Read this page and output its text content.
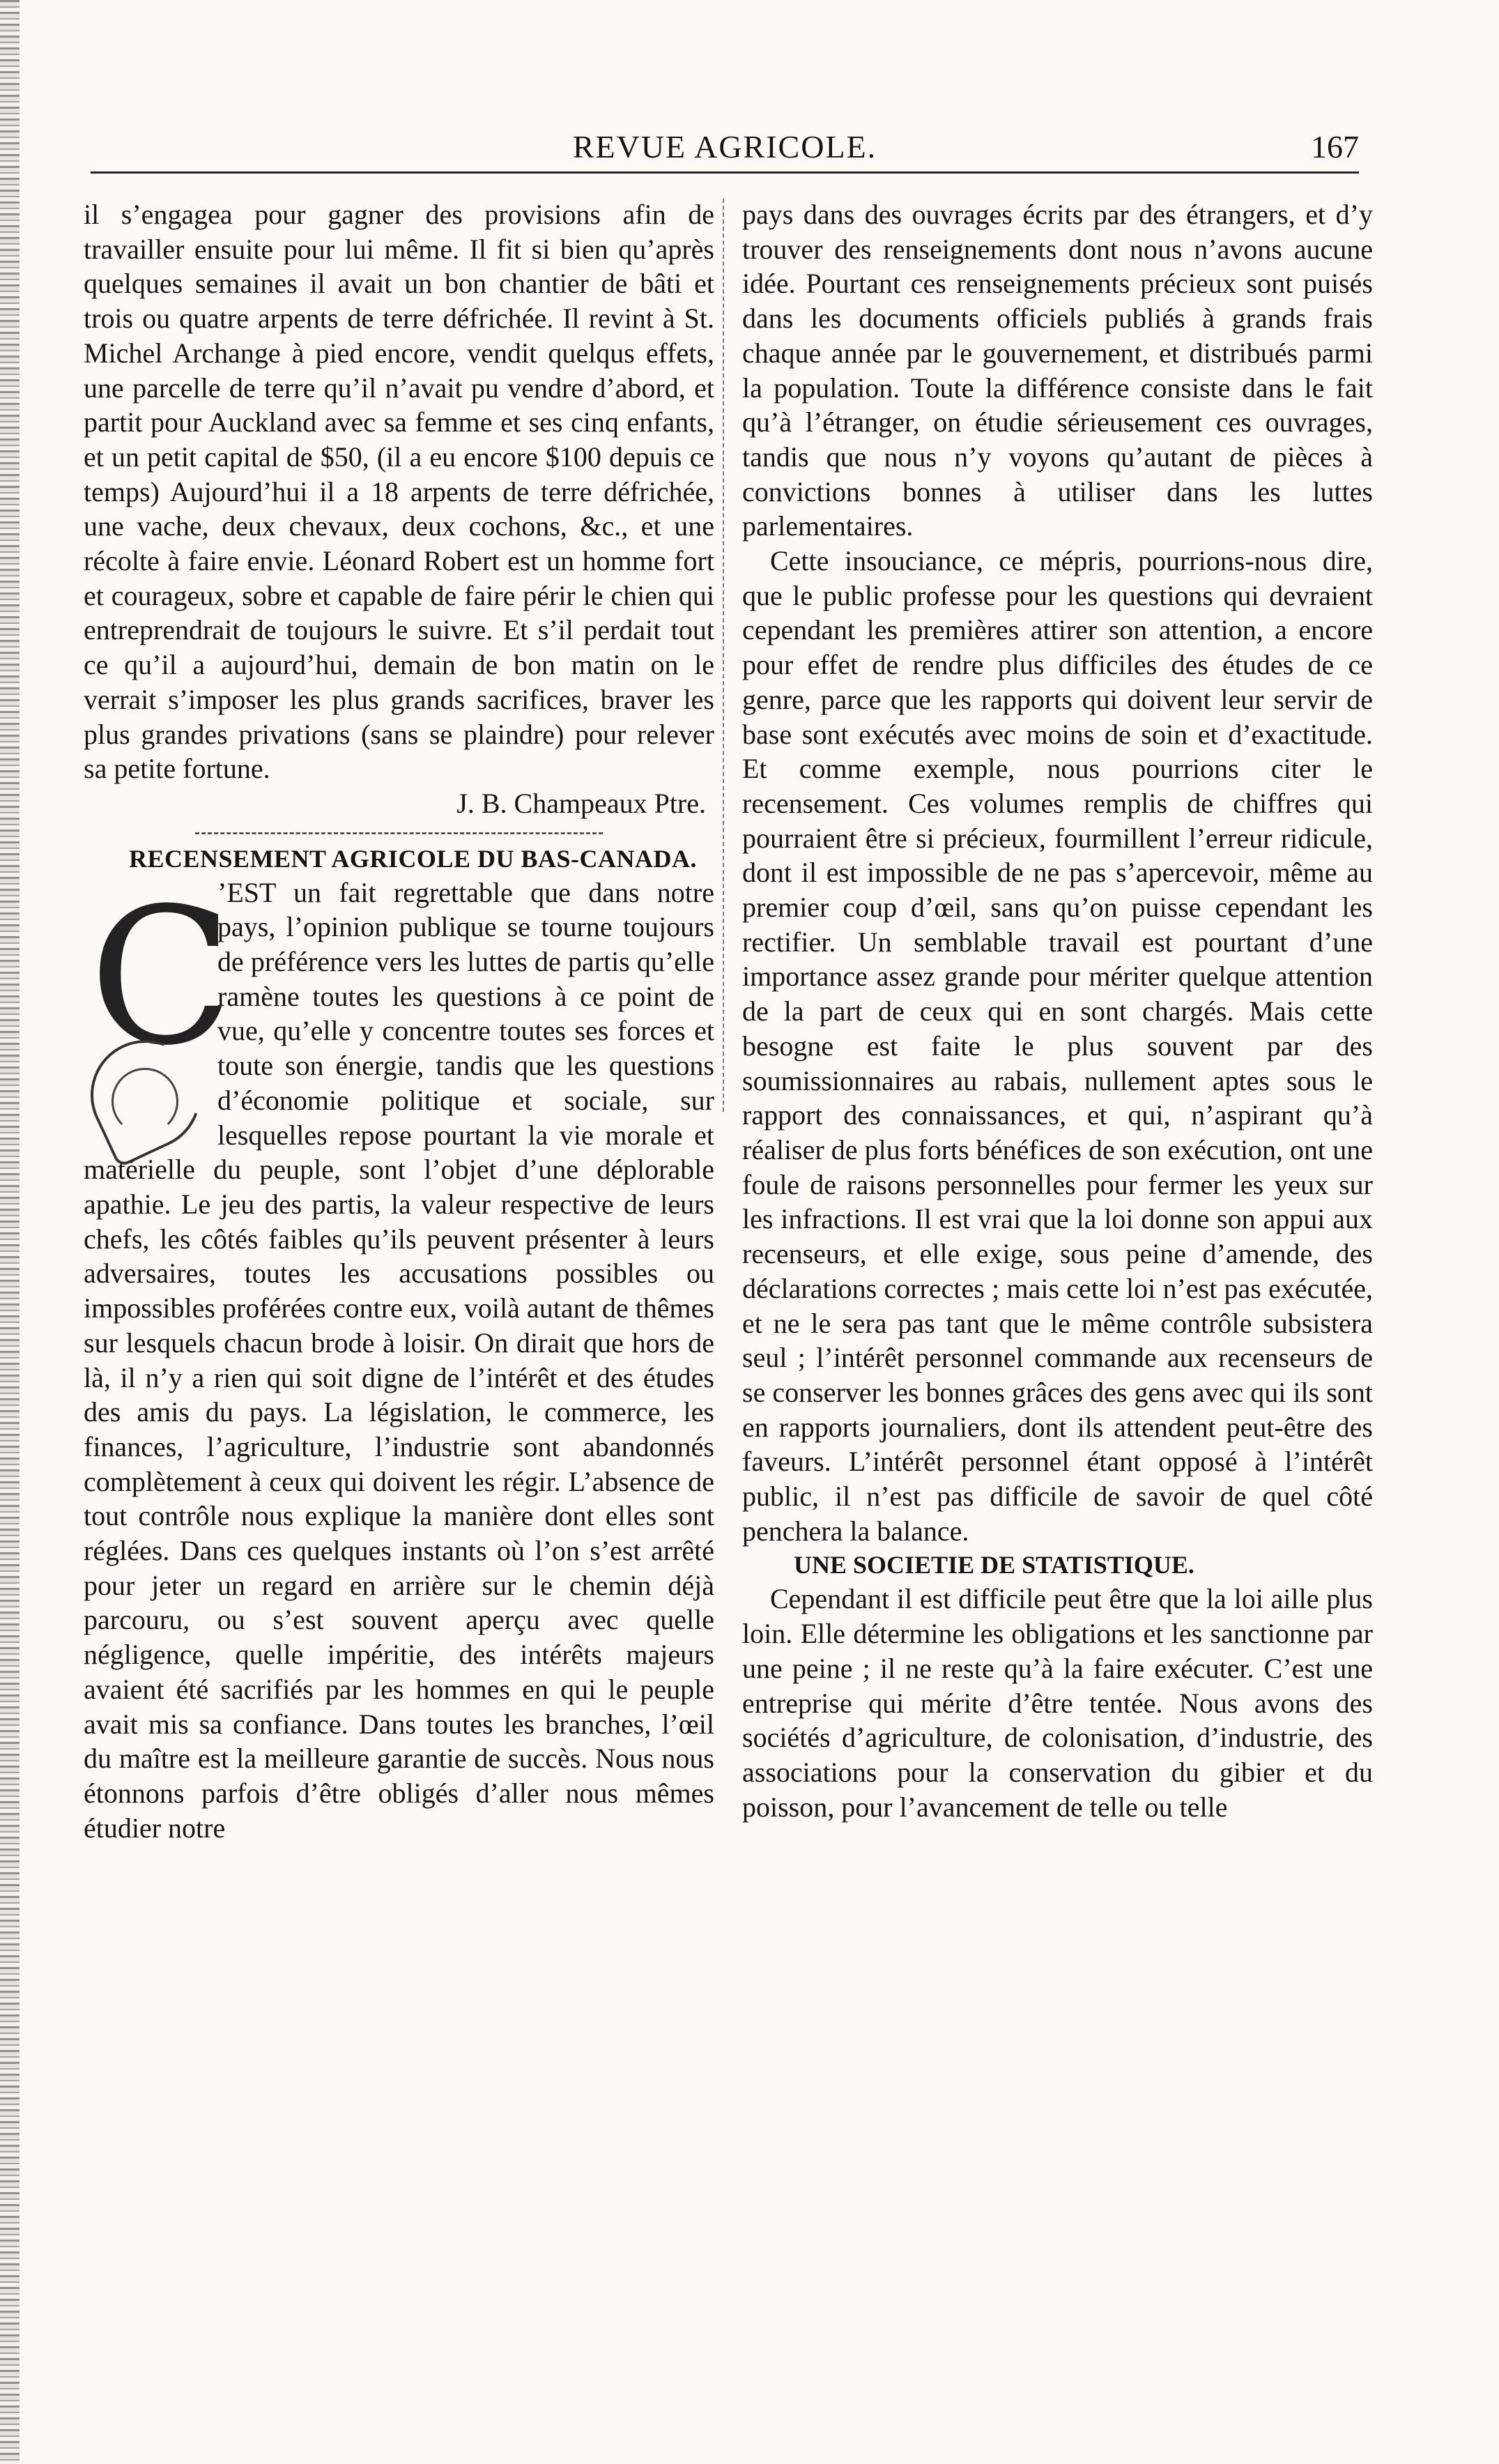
REVUE AGRICOLE.	167

il s’engagea pour gagner des provisions afin de travailler ensuite pour lui même. Il fit si bien qu’après quelques semaines il avait un bon chantier de bâti et trois ou quatre arpents de terre défrichée. Il revint à St. Michel Archange à pied encore, vendit quelqus effets, une parcelle de terre qu’il n’avait pu vendre d’abord, et partit pour Auckland avec sa femme et ses cinq enfants, et un petit capital de $50, (il a eu encore $100 depuis ce temps) Aujourd’hui il a 18 arpents de terre défrichée, une vache, deux chevaux, deux cochons, &c., et une récolte à faire envie. Léonard Robert est un homme fort et courageux, sobre et capable de faire périr le chien qui entreprendrait de toujours le suivre. Et s’il perdait tout ce qu’il a aujourd’hui, demain de bon matin on le verrait s’imposer les plus grands sacrifices, braver les plus grandes privations (sans se plaindre) pour relever sa petite fortune.

J. B. Champeaux Ptre.

RECENSEMENT AGRICOLE DU BAS-CANADA.

C

’EST un fait regrettable que dans notre pays, l’opinion publique se tourne toujours de préférence vers les luttes de partis qu’elle ramène toutes les questions à ce point de vue, qu’elle y concentre toutes ses forces et toute son énergie, tandis que les questions d’économie politique et sociale, sur lesquelles repose pourtant la vie morale et matérielle du peuple, sont l’objet d’une déplorable apathie. Le jeu des partis, la valeur respective de leurs chefs, les côtés faibles qu’ils peuvent présenter à leurs adversaires, toutes les accusations possibles ou impossibles proférées contre eux, voilà autant de thêmes sur lesquels chacun brode à loisir. On dirait que hors de là, il n’y a rien qui soit digne de l’intérêt et des études des amis du pays. La législation, le commerce, les finances, l’agriculture, l’industrie sont abandonnés complètement à ceux qui doivent les régir. L’absence de tout contrôle nous explique la manière dont elles sont réglées. Dans ces quelques instants où l’on s’est arrêté pour jeter un regard en arrière sur le chemin déjà parcouru, ou s’est souvent aperçu avec quelle négligence, quelle impéritie, des intérêts majeurs avaient été sacrifiés par les hommes en qui le peuple avait mis sa confiance. Dans toutes les branches, l’œil du maître est la meilleure garantie de succès. Nous nous étonnons parfois d’être obligés d’aller nous mêmes étudier notre

pays dans des ouvrages écrits par des étrangers, et d’y trouver des renseignements dont nous n’avons aucune idée. Pourtant ces renseignements précieux sont puisés dans les documents officiels publiés à grands frais chaque année par le gouvernement, et distribués parmi la population. Toute la différence consiste dans le fait qu’à l’étranger, on étudie sérieusement ces ouvrages, tandis que nous n’y voyons qu’autant de pièces à convictions bonnes à utiliser dans les luttes parlementaires.

Cette insouciance, ce mépris, pourrions-nous dire, que le public professe pour les questions qui devraient cependant les premières attirer son attention, a encore pour effet de rendre plus difficiles des études de ce genre, parce que les rapports qui doivent leur servir de base sont exécutés avec moins de soin et d’exactitude. Et comme exemple, nous pourrions citer le recensement. Ces volumes remplis de chiffres qui pourraient être si précieux, fourmillent l’erreur ridicule, dont il est impossible de ne pas s’apercevoir, même au premier coup d’œil, sans qu’on puisse cependant les rectifier. Un semblable travail est pourtant d’une importance assez grande pour mériter quelque attention de la part de ceux qui en sont chargés. Mais cette besogne est faite le plus souvent par des soumissionnaires au rabais, nullement aptes sous le rapport des connaissances, et qui, n’aspirant qu’à réaliser de plus forts bénéfices de son exécution, ont une foule de raisons personnelles pour fermer les yeux sur les infractions. Il est vrai que la loi donne son appui aux recenseurs, et elle exige, sous peine d’amende, des déclarations correctes ; mais cette loi n’est pas exécutée, et ne le sera pas tant que le même contrôle subsistera seul ; l’intérêt personnel commande aux recenseurs de se conserver les bonnes grâces des gens avec qui ils sont en rapports journaliers, dont ils attendent peut-être des faveurs. L’intérêt personnel étant opposé à l’intérêt public, il n’est pas difficile de savoir de quel côté penchera la balance.

UNE SOCIETIE DE STATISTIQUE.

Cependant il est difficile peut être que la loi aille plus loin. Elle détermine les obligations et les sanctionne par une peine ; il ne reste qu’à la faire exécuter. C’est une entreprise qui mérite d’être tentée. Nous avons des sociétés d’agriculture, de colonisation, d’industrie, des associations pour la conservation du gibier et du poisson, pour l’avancement de telle ou telle
